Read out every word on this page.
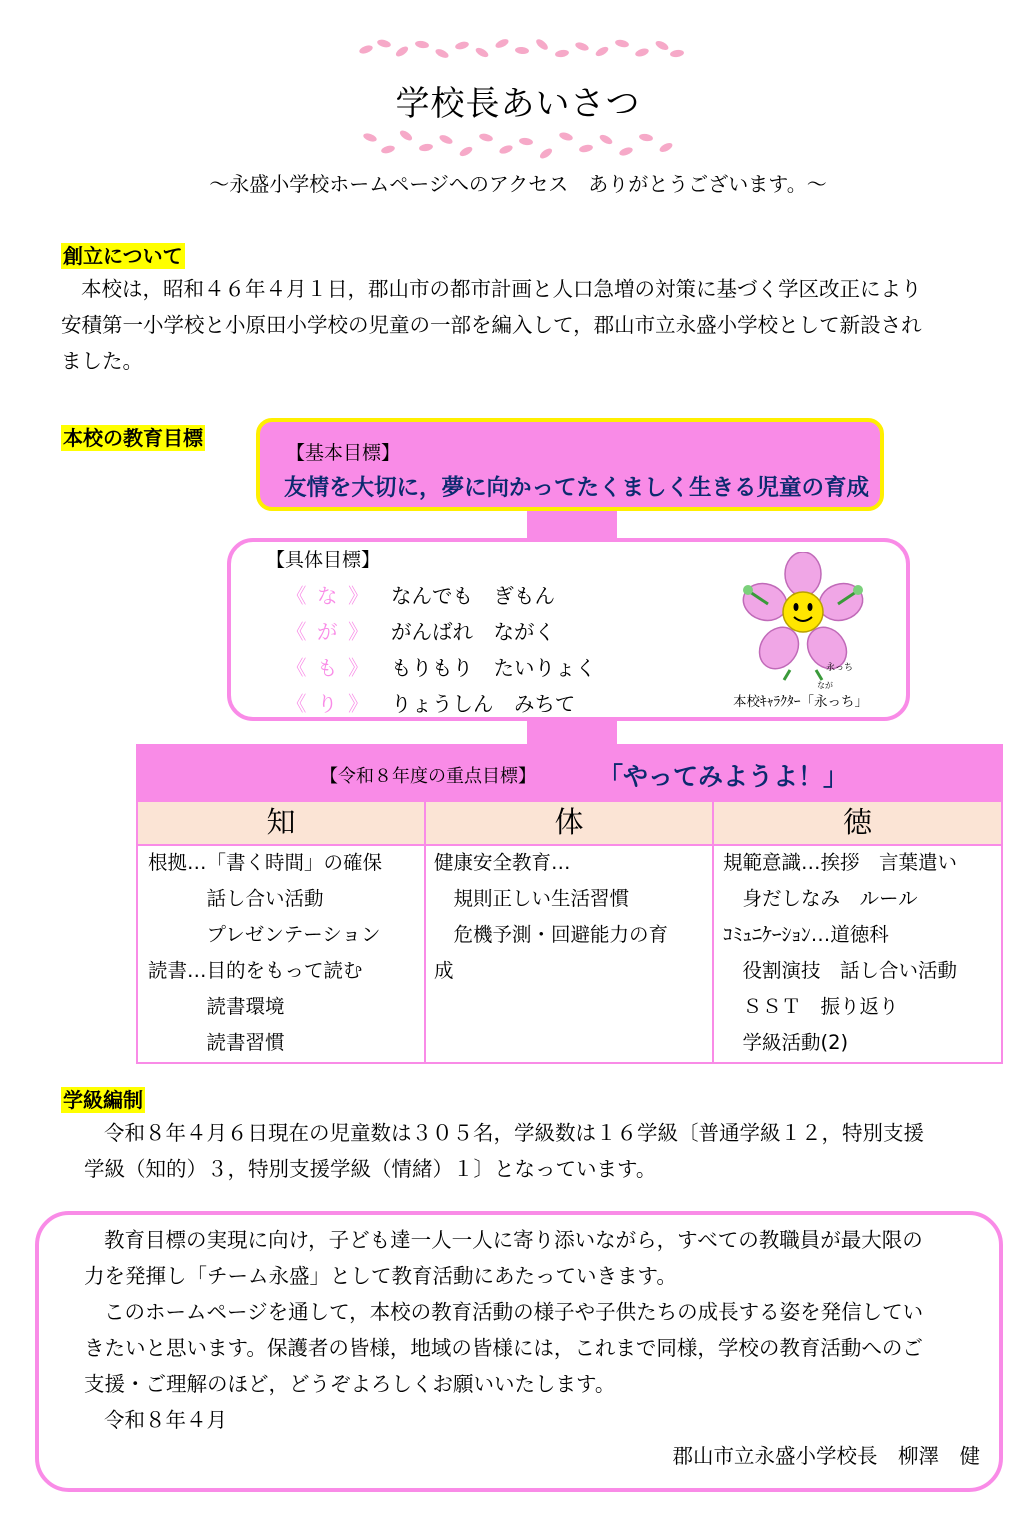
学校長あいさつ
～永盛小学校ホームページへのアクセス　ありがとうございます。～
創立について
本校は，昭和４６年４月１日，郡山市の都市計画と人口急増の対策に基づく学区改正により
安積第一小学校と小原田小学校の児童の一部を編入して，郡山市立永盛小学校として新設され
ました。
本校の教育目標
【基本目標】
友情を大切に，夢に向かってたくましく生きる児童の育成
【具体目標】
《 な 》 なんでも　ぎもん
《 が 》 がんばれ　ながく
《 も 》 もりもり　たいりょく
《 り 》 りょうしん　みちて
永っち
なが
本校ｷｬﾗｸﾀｰ「永っち」
【令和８年度の重点目標】 「やってみようよ！」
知	体	徳
根拠…「書く時間」の確保
　　　話し合い活動
　　　プレゼンテーション
読書…目的をもって読む
　　　読書環境
　　　読書習慣
健康安全教育…
　規則正しい生活習慣
　危機予測・回避能力の育
成
規範意識…挨拶　言葉遣い
　身だしなみ　ルール
ｺﾐｭﾆｹｰｼｮﾝ…道徳科
　役割演技　話し合い活動
　ＳＳＴ　振り返り
　学級活動(2)
学級編制
令和８年４月６日現在の児童数は３０５名，学級数は１６学級〔普通学級１２，特別支援
学級（知的）３，特別支援学級（情緒）１〕となっています。
教育目標の実現に向け，子ども達一人一人に寄り添いながら，すべての教職員が最大限の
力を発揮し「チーム永盛」として教育活動にあたっていきます。
このホームページを通して，本校の教育活動の様子や子供たちの成長する姿を発信してい
きたいと思います。保護者の皆様，地域の皆様には，これまで同様，学校の教育活動へのご
支援・ご理解のほど，どうぞよろしくお願いいたします。
令和８年４月
郡山市立永盛小学校長　柳澤　健
